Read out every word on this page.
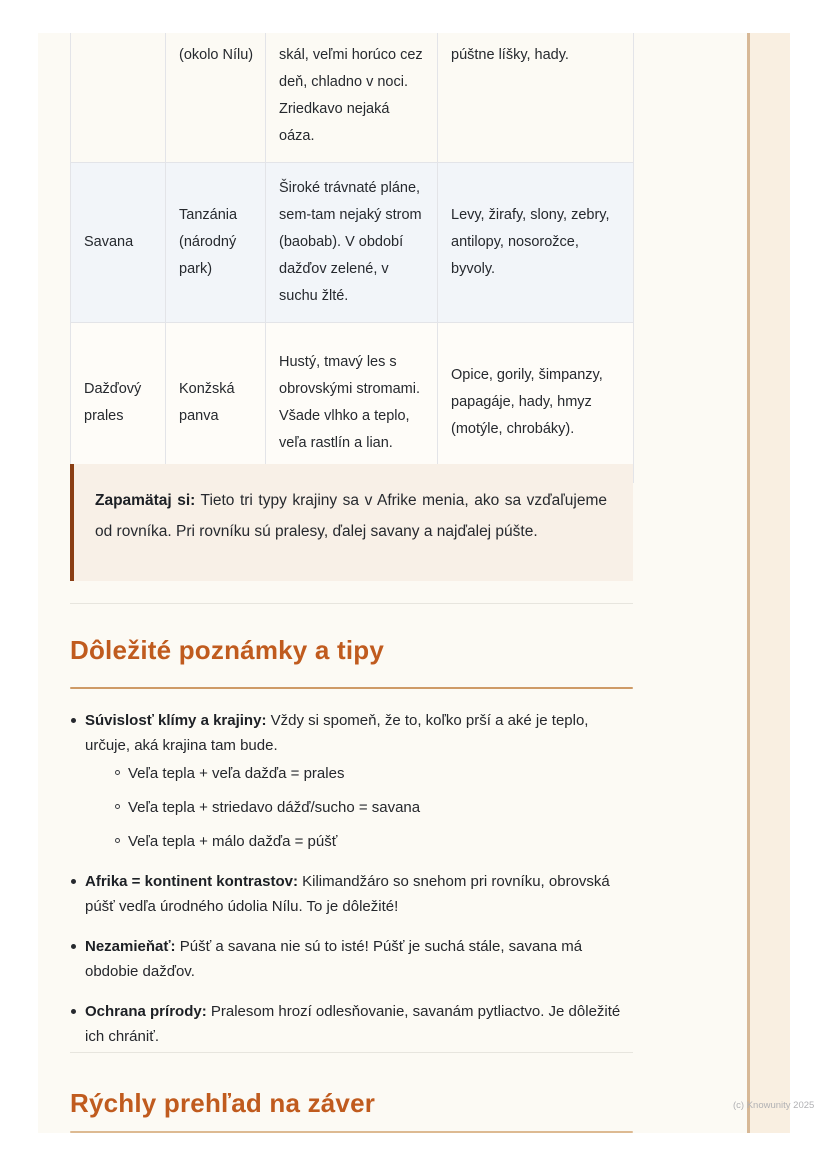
	(okolo Nílu)	skál, veľmi horúco cez deň, chladno v noci. Zriedkavo nejaká oáza.	púštne líšky, hady.
Savana	Tanzánia (národný park)	Široké trávnaté pláne, sem-tam nejaký strom (baobab). V období dažďov zelené, v suchu žlté.	Levy, žirafy, slony, zebry, antilopy, nosorožce, byvoly.
Dažďový prales	Konžská panva	Hustý, tmavý les s obrovskými stromami. Všade vlhko a teplo, veľa rastlín a lian.	Opice, gorily, šimpanzy, papagáje, hady, hmyz (motýle, chrobáky).
Zapamätaj si: Tieto tri typy krajiny sa v Afrike menia, ako sa vzďaľujeme od rovníka. Pri rovníku sú pralesy, ďalej savany a najďalej púšte.
Dôležité poznámky a tipy
Súvislosť klímy a krajiny: Vždy si spomeň, že to, koľko prší a aké je teplo, určuje, aká krajina tam bude.
Veľa tepla + veľa dažďa = prales
Veľa tepla + striedavo dážď/sucho = savana
Veľa tepla + málo dažďa = púšť
Afrika = kontinent kontrastov: Kilimandžáro so snehom pri rovníku, obrovská púšť vedľa úrodného údolia Nílu. To je dôležité!
Nezamieňať: Púšť a savana nie sú to isté! Púšť je suchá stále, savana má obdobie dažďov.
Ochrana prírody: Pralesom hrozí odlesňovanie, savanám pytliactvo. Je dôležité ich chrániť.
Rýchly prehľad na záver	(c) Knowunity 2025
